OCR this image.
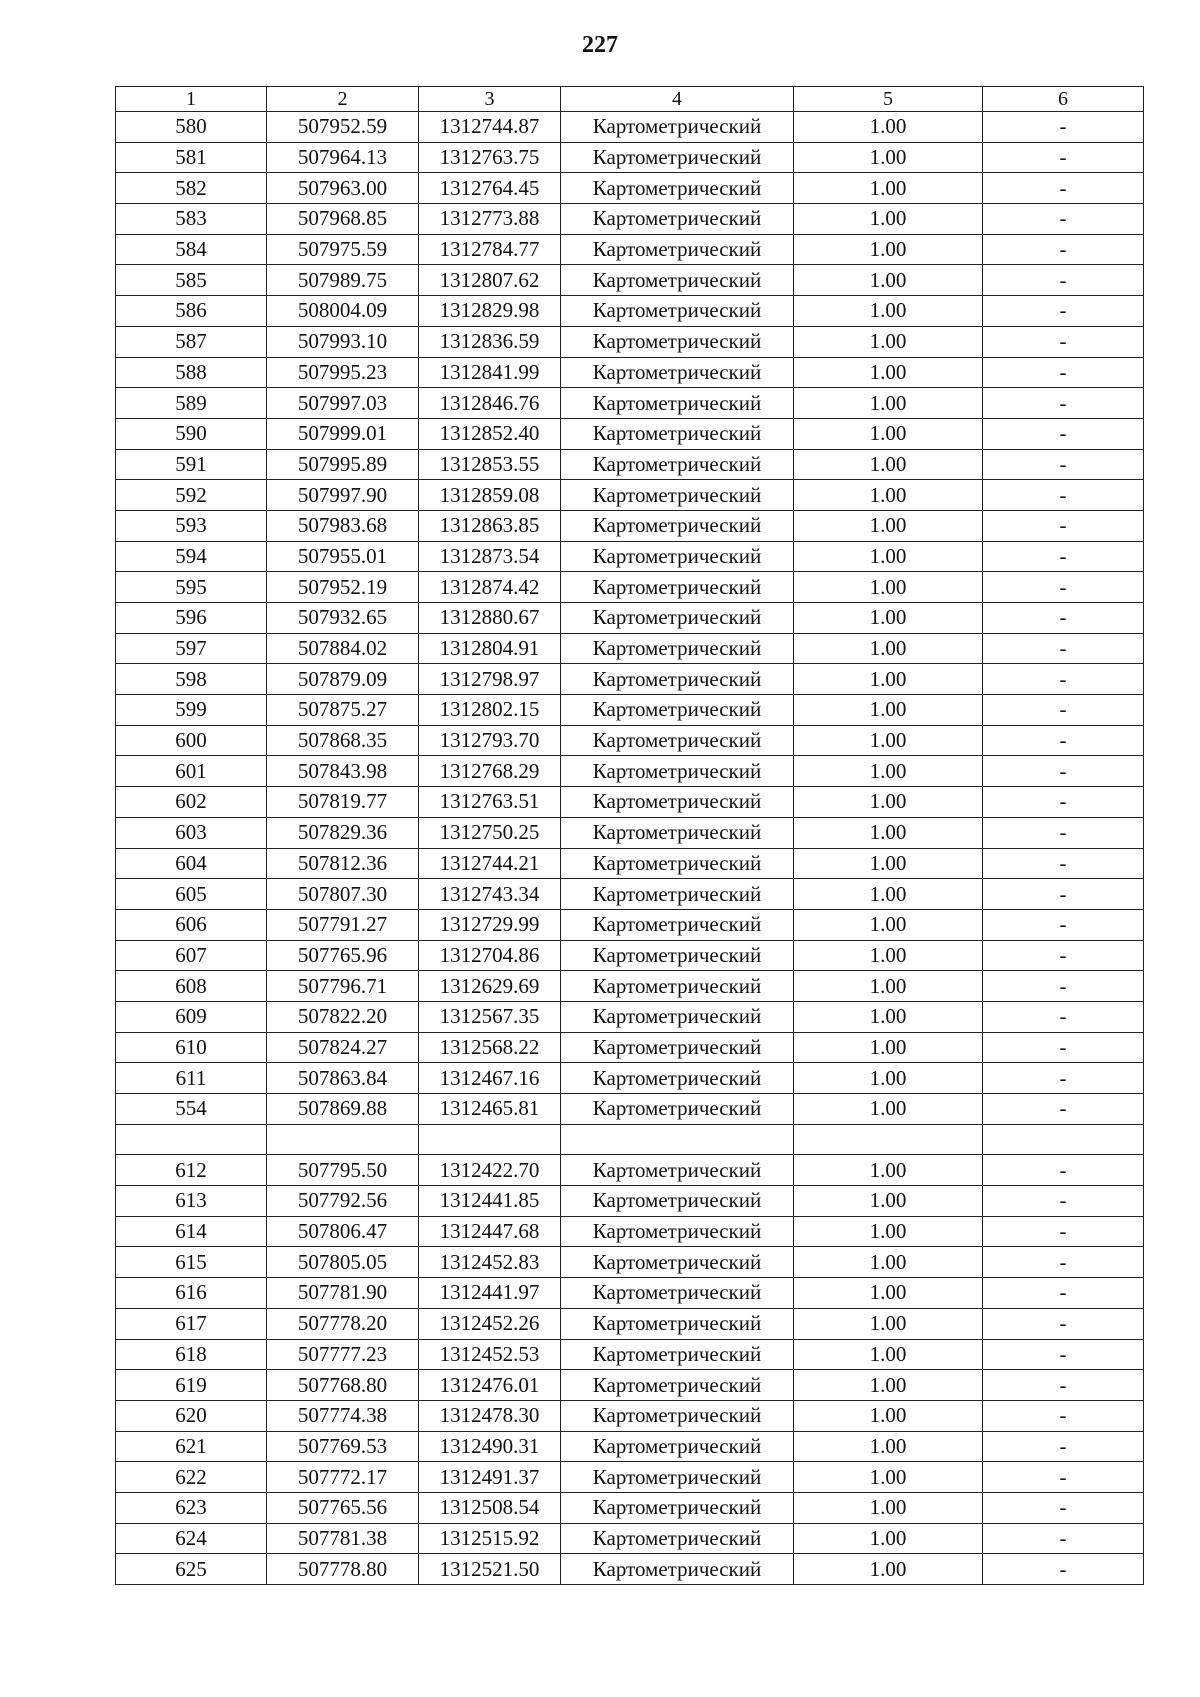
227
1	2	3	4	5	6
580	507952.59	1312744.87	Картометрический	1.00	-
581	507964.13	1312763.75	Картометрический	1.00	-
582	507963.00	1312764.45	Картометрический	1.00	-
583	507968.85	1312773.88	Картометрический	1.00	-
584	507975.59	1312784.77	Картометрический	1.00	-
585	507989.75	1312807.62	Картометрический	1.00	-
586	508004.09	1312829.98	Картометрический	1.00	-
587	507993.10	1312836.59	Картометрический	1.00	-
588	507995.23	1312841.99	Картометрический	1.00	-
589	507997.03	1312846.76	Картометрический	1.00	-
590	507999.01	1312852.40	Картометрический	1.00	-
591	507995.89	1312853.55	Картометрический	1.00	-
592	507997.90	1312859.08	Картометрический	1.00	-
593	507983.68	1312863.85	Картометрический	1.00	-
594	507955.01	1312873.54	Картометрический	1.00	-
595	507952.19	1312874.42	Картометрический	1.00	-
596	507932.65	1312880.67	Картометрический	1.00	-
597	507884.02	1312804.91	Картометрический	1.00	-
598	507879.09	1312798.97	Картометрический	1.00	-
599	507875.27	1312802.15	Картометрический	1.00	-
600	507868.35	1312793.70	Картометрический	1.00	-
601	507843.98	1312768.29	Картометрический	1.00	-
602	507819.77	1312763.51	Картометрический	1.00	-
603	507829.36	1312750.25	Картометрический	1.00	-
604	507812.36	1312744.21	Картометрический	1.00	-
605	507807.30	1312743.34	Картометрический	1.00	-
606	507791.27	1312729.99	Картометрический	1.00	-
607	507765.96	1312704.86	Картометрический	1.00	-
608	507796.71	1312629.69	Картометрический	1.00	-
609	507822.20	1312567.35	Картометрический	1.00	-
610	507824.27	1312568.22	Картометрический	1.00	-
611	507863.84	1312467.16	Картометрический	1.00	-
554	507869.88	1312465.81	Картометрический	1.00	-

612	507795.50	1312422.70	Картометрический	1.00	-
613	507792.56	1312441.85	Картометрический	1.00	-
614	507806.47	1312447.68	Картометрический	1.00	-
615	507805.05	1312452.83	Картометрический	1.00	-
616	507781.90	1312441.97	Картометрический	1.00	-
617	507778.20	1312452.26	Картометрический	1.00	-
618	507777.23	1312452.53	Картометрический	1.00	-
619	507768.80	1312476.01	Картометрический	1.00	-
620	507774.38	1312478.30	Картометрический	1.00	-
621	507769.53	1312490.31	Картометрический	1.00	-
622	507772.17	1312491.37	Картометрический	1.00	-
623	507765.56	1312508.54	Картометрический	1.00	-
624	507781.38	1312515.92	Картометрический	1.00	-
625	507778.80	1312521.50	Картометрический	1.00	-
